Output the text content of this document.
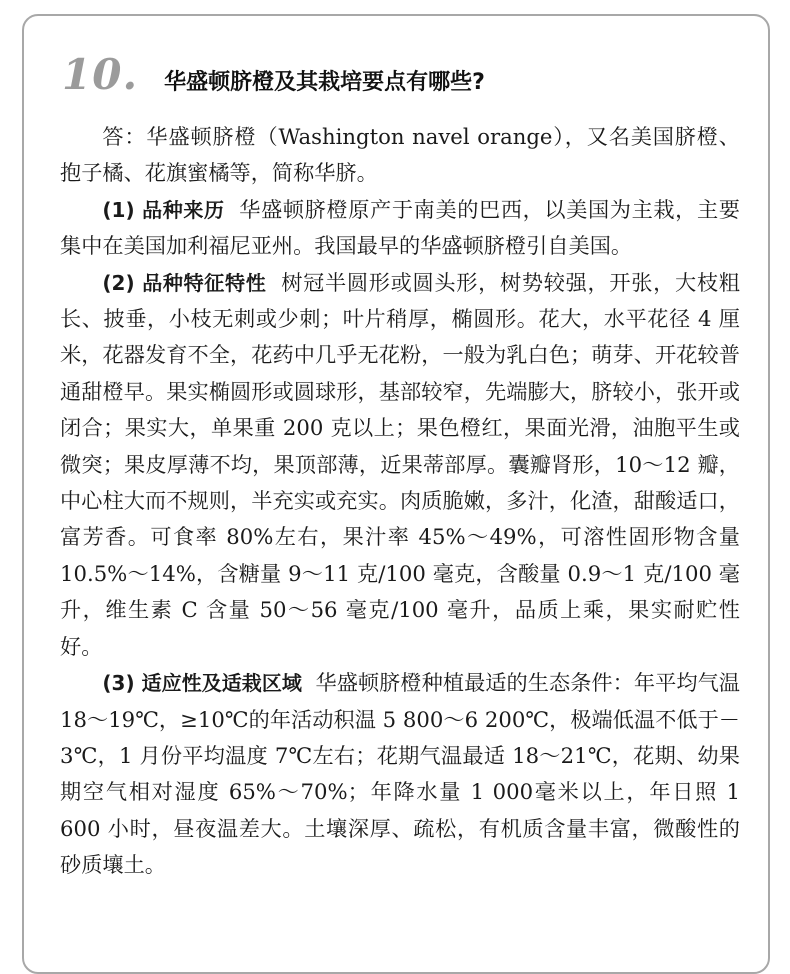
10. 华盛顿脐橙及其栽培要点有哪些?

答：华盛顿脐橙（Washington navel orange），又名美国脐橙、抱子橘、花旗蜜橘等，简称华脐。

(1) 品种来历 华盛顿脐橙原产于南美的巴西，以美国为主栽，主要集中在美国加利福尼亚州。我国最早的华盛顿脐橙引自美国。

(2) 品种特征特性 树冠半圆形或圆头形，树势较强，开张，大枝粗长、披垂，小枝无刺或少刺；叶片稍厚，椭圆形。花大，水平花径 4 厘米，花器发育不全，花药中几乎无花粉，一般为乳白色；萌芽、开花较普通甜橙早。果实椭圆形或圆球形，基部较窄，先端膨大，脐较小，张开或闭合；果实大，单果重 200 克以上；果色橙红，果面光滑，油胞平生或微突；果皮厚薄不均，果顶部薄，近果蒂部厚。囊瓣肾形，10～12 瓣，中心柱大而不规则，半充实或充实。肉质脆嫩，多汁，化渣，甜酸适口，富芳香。可食率 80%左右，果汁率 45%～49%，可溶性固形物含量 10.5%～14%，含糖量 9～11 克/100 毫克，含酸量 0.9～1 克/100 毫升，维生素 C 含量 50～56 毫克/100 毫升，品质上乘，果实耐贮性好。

(3) 适应性及适栽区域 华盛顿脐橙种植最适的生态条件：年平均气温 18～19℃，≥10℃的年活动积温 5 800～6 200℃，极端低温不低于－3℃，1 月份平均温度 7℃左右；花期气温最适 18～21℃，花期、幼果期空气相对湿度 65%～70%；年降水量 1 000毫米以上，年日照 1 600 小时，昼夜温差大。土壤深厚、疏松，有机质含量丰富，微酸性的砂质壤土。
